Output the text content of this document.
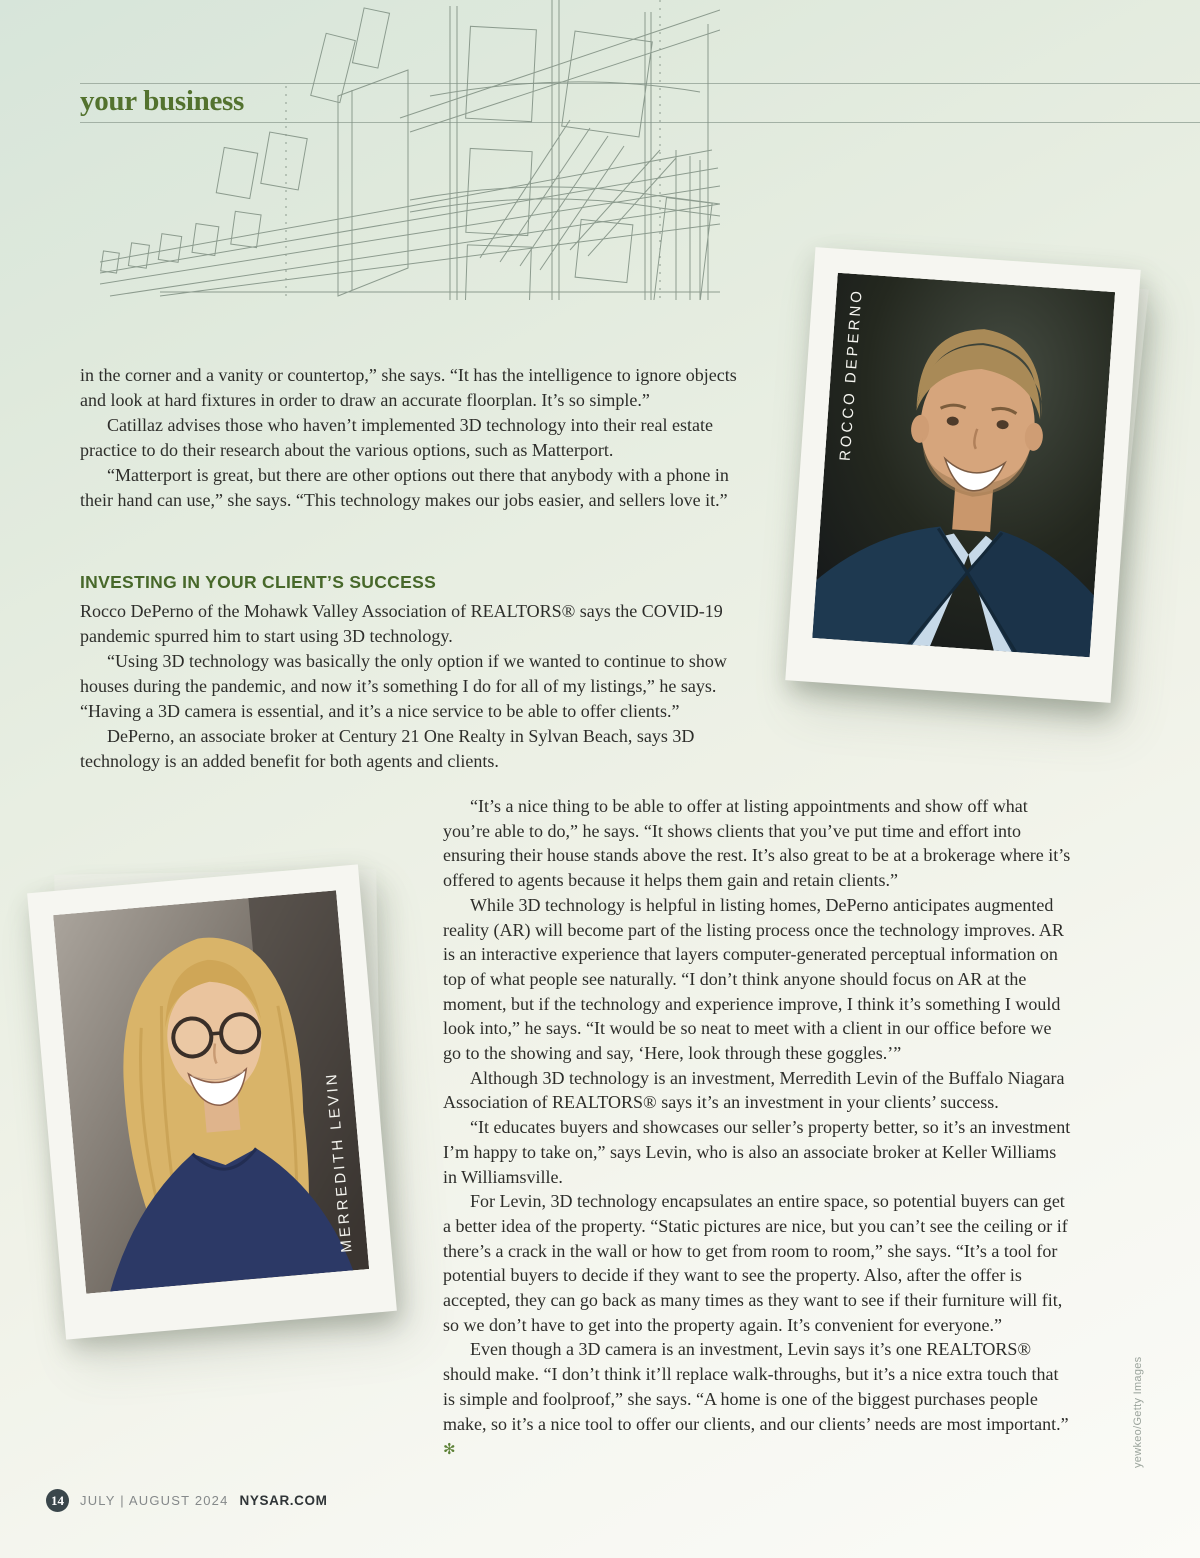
your business

in the corner and a vanity or countertop,” she says. “It has the intelligence to ignore objects and look at hard fixtures in order to draw an accurate floorplan. It’s so simple.”

Catillaz advises those who haven’t implemented 3D technology into their real estate practice to do their research about the various options, such as Matterport.

“Matterport is great, but there are other options out there that anybody with a phone in their hand can use,” she says. “This technology makes our jobs easier, and sellers love it.”

INVESTING IN YOUR CLIENT’S SUCCESS

Rocco DePerno of the Mohawk Valley Association of REALTORS® says the COVID-19 pandemic spurred him to start using 3D technology.

“Using 3D technology was basically the only option if we wanted to continue to show houses during the pandemic, and now it’s something I do for all of my listings,” he says. “Having a 3D camera is essential, and it’s a nice service to be able to offer clients.”

DePerno, an associate broker at Century 21 One Realty in Sylvan Beach, says 3D technology is an added benefit for both agents and clients.

“It’s a nice thing to be able to offer at listing appointments and show off what you’re able to do,” he says. “It shows clients that you’ve put time and effort into ensuring their house stands above the rest. It’s also great to be at a brokerage where it’s offered to agents because it helps them gain and retain clients.”

While 3D technology is helpful in listing homes, DePerno anticipates augmented reality (AR) will become part of the listing process once the technology improves. AR is an interactive experience that layers computer-generated perceptual information on top of what people see naturally. “I don’t think anyone should focus on AR at the moment, but if the technology and experience improve, I think it’s something I would look into,” he says. “It would be so neat to meet with a client in our office before we go to the showing and say, ‘Here, look through these goggles.’”

Although 3D technology is an investment, Merredith Levin of the Buffalo Niagara Association of REALTORS® says it’s an investment in your clients’ success.

“It educates buyers and showcases our seller’s property better, so it’s an investment I’m happy to take on,” says Levin, who is also an associate broker at Keller Williams in Williamsville.

For Levin, 3D technology encapsulates an entire space, so potential buyers can get a better idea of the property. “Static pictures are nice, but you can’t see the ceiling or if there’s a crack in the wall or how to get from room to room,” she says. “It’s a tool for potential buyers to decide if they want to see the property. Also, after the offer is accepted, they can go back as many times as they want to see if their furniture will fit, so we don’t have to get into the property again. It’s convenient for everyone.”

Even though a 3D camera is an investment, Levin says it’s one REALTORS® should make. “I don’t think it’ll replace walk-throughs, but it’s a nice extra touch that is simple and foolproof,” she says. “A home is one of the biggest purchases people make, so it’s a nice tool to offer our clients, and our clients’ needs are most important.” ✻

ROCCO DEPERNO
MERREDITH LEVIN
yewkeo/Getty Images
14	JULY | AUGUST 2024 NYSAR.COM
